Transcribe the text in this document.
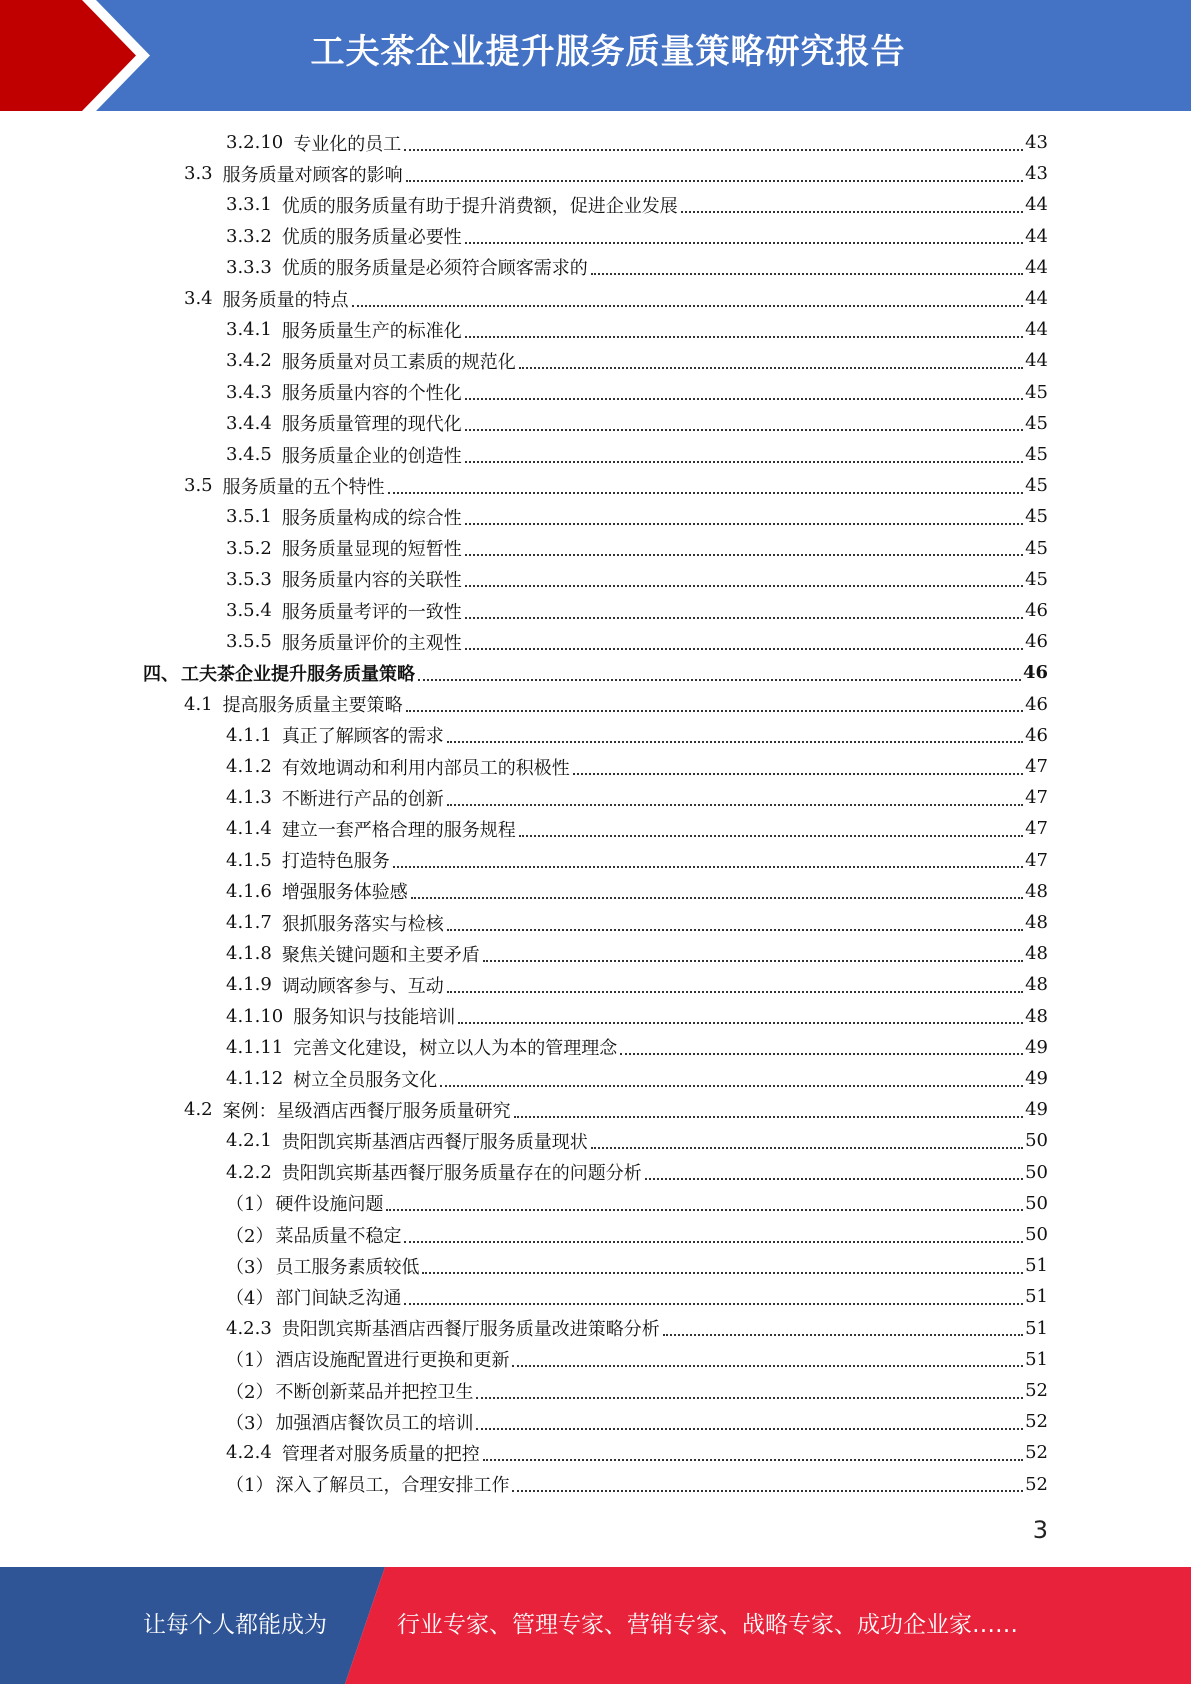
工夫茶企业提升服务质量策略研究报告
3.2.10 专业化的员工	43
3.3 服务质量对顾客的影响	43
3.3.1 优质的服务质量有助于提升消费额，促进企业发展	44
3.3.2 优质的服务质量必要性	44
3.3.3 优质的服务质量是必须符合顾客需求的	44
3.4 服务质量的特点	44
3.4.1 服务质量生产的标准化	44
3.4.2 服务质量对员工素质的规范化	44
3.4.3 服务质量内容的个性化	45
3.4.4 服务质量管理的现代化	45
3.4.5 服务质量企业的创造性	45
3.5 服务质量的五个特性	45
3.5.1 服务质量构成的综合性	45
3.5.2 服务质量显现的短暂性	45
3.5.3 服务质量内容的关联性	45
3.5.4 服务质量考评的一致性	46
3.5.5 服务质量评价的主观性	46
四、 工夫茶企业提升服务质量策略	46
4.1 提高服务质量主要策略	46
4.1.1 真正了解顾客的需求	46
4.1.2 有效地调动和利用内部员工的积极性	47
4.1.3 不断进行产品的创新	47
4.1.4 建立一套严格合理的服务规程	47
4.1.5 打造特色服务	47
4.1.6 增强服务体验感	48
4.1.7 狠抓服务落实与检核	48
4.1.8 聚焦关键问题和主要矛盾	48
4.1.9 调动顾客参与、互动	48
4.1.10 服务知识与技能培训	48
4.1.11 完善文化建设，树立以人为本的管理理念	49
4.1.12 树立全员服务文化	49
4.2 案例：星级酒店西餐厅服务质量研究	49
4.2.1 贵阳凯宾斯基酒店西餐厅服务质量现状	50
4.2.2 贵阳凯宾斯基西餐厅服务质量存在的问题分析	50
（1） 硬件设施问题	50
（2） 菜品质量不稳定	50
（3） 员工服务素质较低	51
（4） 部门间缺乏沟通	51
4.2.3 贵阳凯宾斯基酒店西餐厅服务质量改进策略分析	51
（1） 酒店设施配置进行更换和更新	51
（2） 不断创新菜品并把控卫生	52
（3） 加强酒店餐饮员工的培训	52
4.2.4 管理者对服务质量的把控	52
（1） 深入了解员工，合理安排工作	52
3
让每个人都能成为	行业专家、管理专家、营销专家、战略专家、成功企业家……
